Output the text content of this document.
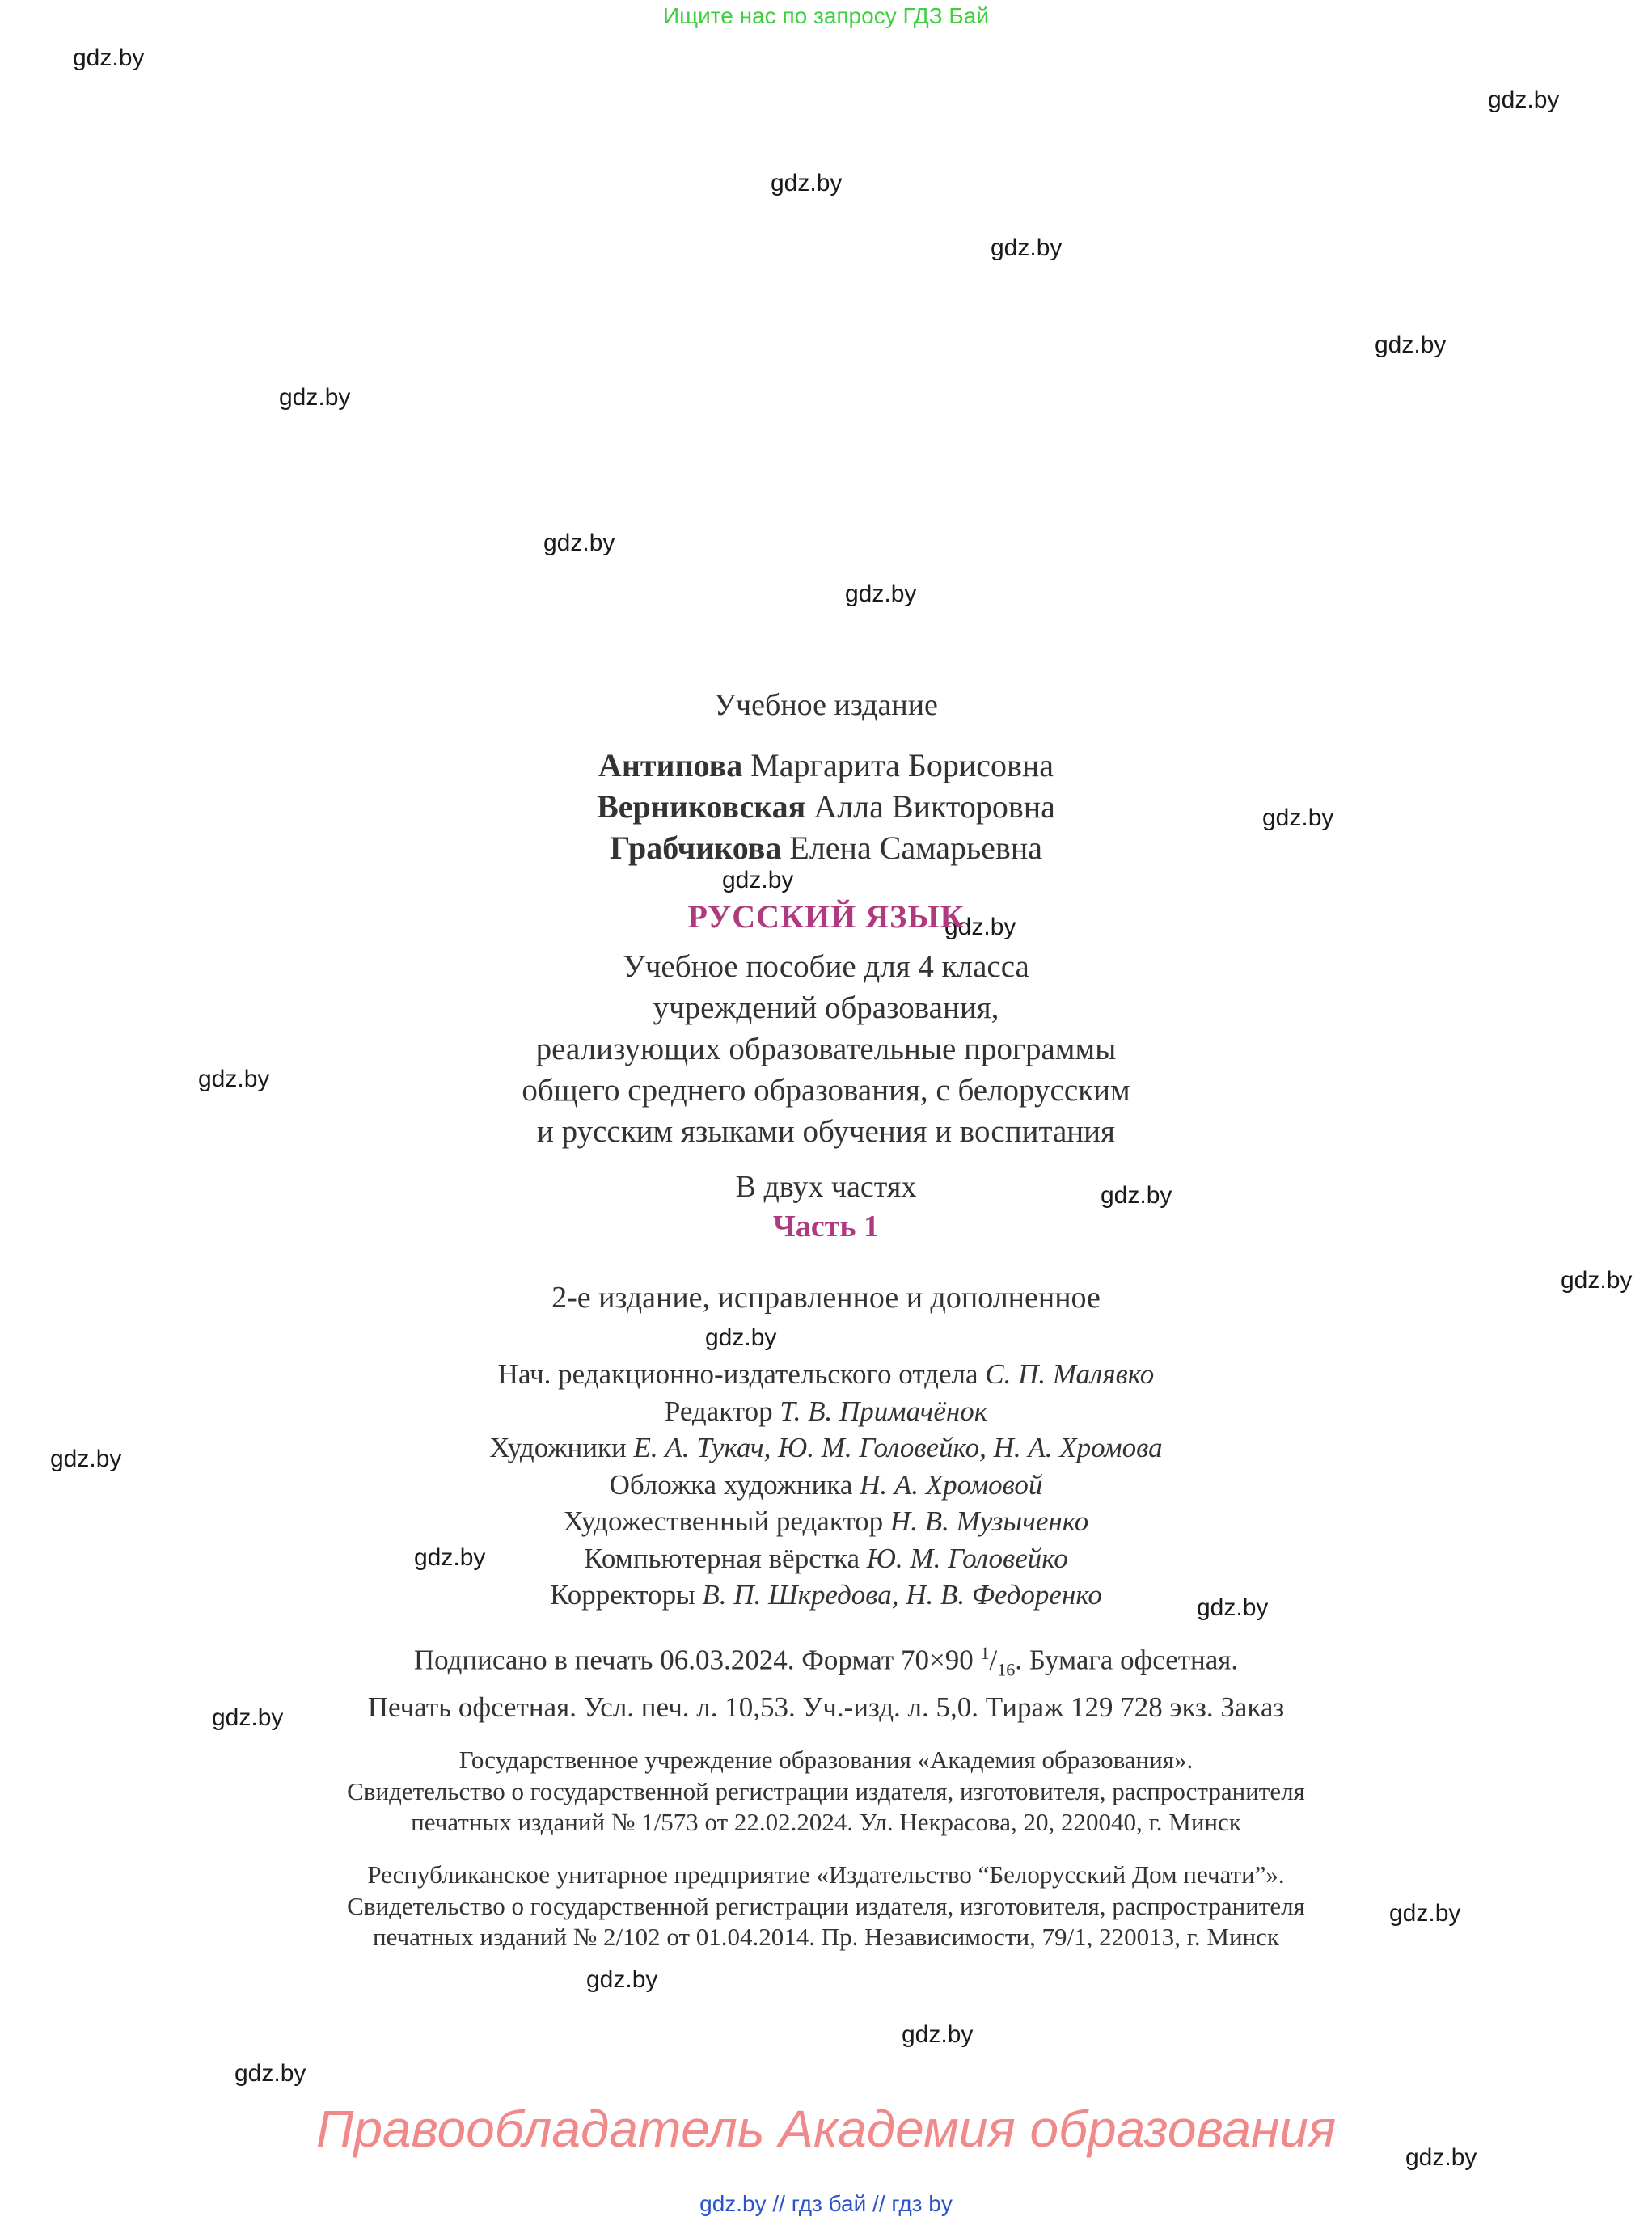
Ищите нас по запросу ГДЗ Бай
gdz.by
gdz.by
gdz.by
gdz.by
gdz.by
gdz.by
gdz.by
gdz.by
gdz.by
gdz.by
gdz.by
gdz.by
gdz.by
gdz.by
gdz.by
gdz.by
gdz.by
gdz.by
gdz.by
gdz.by
gdz.by
gdz.by
gdz.by
gdz.by
Учебное издание
Антипова Маргарита Борисовна
Верниковская Алла Викторовна
Грабчикова Елена Самарьевна
РУССКИЙ ЯЗЫК
Учебное пособие для 4 класса
учреждений образования,
реализующих образовательные программы
общего среднего образования, с белорусским
и русским языками обучения и воспитания
В двух частях
Часть 1
2-е издание, исправленное и дополненное
Нач. редакционно-издательского отдела С. П. Малявко
Редактор Т. В. Примачёнок
Художники Е. А. Тукач, Ю. М. Головейко, Н. А. Хромова
Обложка художника Н. А. Хромовой
Художественный редактор Н. В. Музыченко
Компьютерная вёрстка Ю. М. Головейко
Корректоры В. П. Шкредова, Н. В. Федоренко
Подписано в печать 06.03.2024. Формат 70×90 $^1/_{16}$. Бумага офсетная.
Печать офсетная. Усл. печ. л. 10,53. Уч.-изд. л. 5,0. Тираж 129 728 экз. Заказ
Государственное учреждение образования «Академия образования».
Свидетельство о государственной регистрации издателя, изготовителя, распространителя
печатных изданий № 1/573 от 22.02.2024. Ул. Некрасова, 20, 220040, г. Минск
Республиканское унитарное предприятие «Издательство “Белорусский Дом печати”».
Свидетельство о государственной регистрации издателя, изготовителя, распространителя
печатных изданий № 2/102 от 01.04.2014. Пр. Независимости, 79/1, 220013, г. Минск
Правообладатель Академия образования
gdz.by // гдз бай // гдз by
